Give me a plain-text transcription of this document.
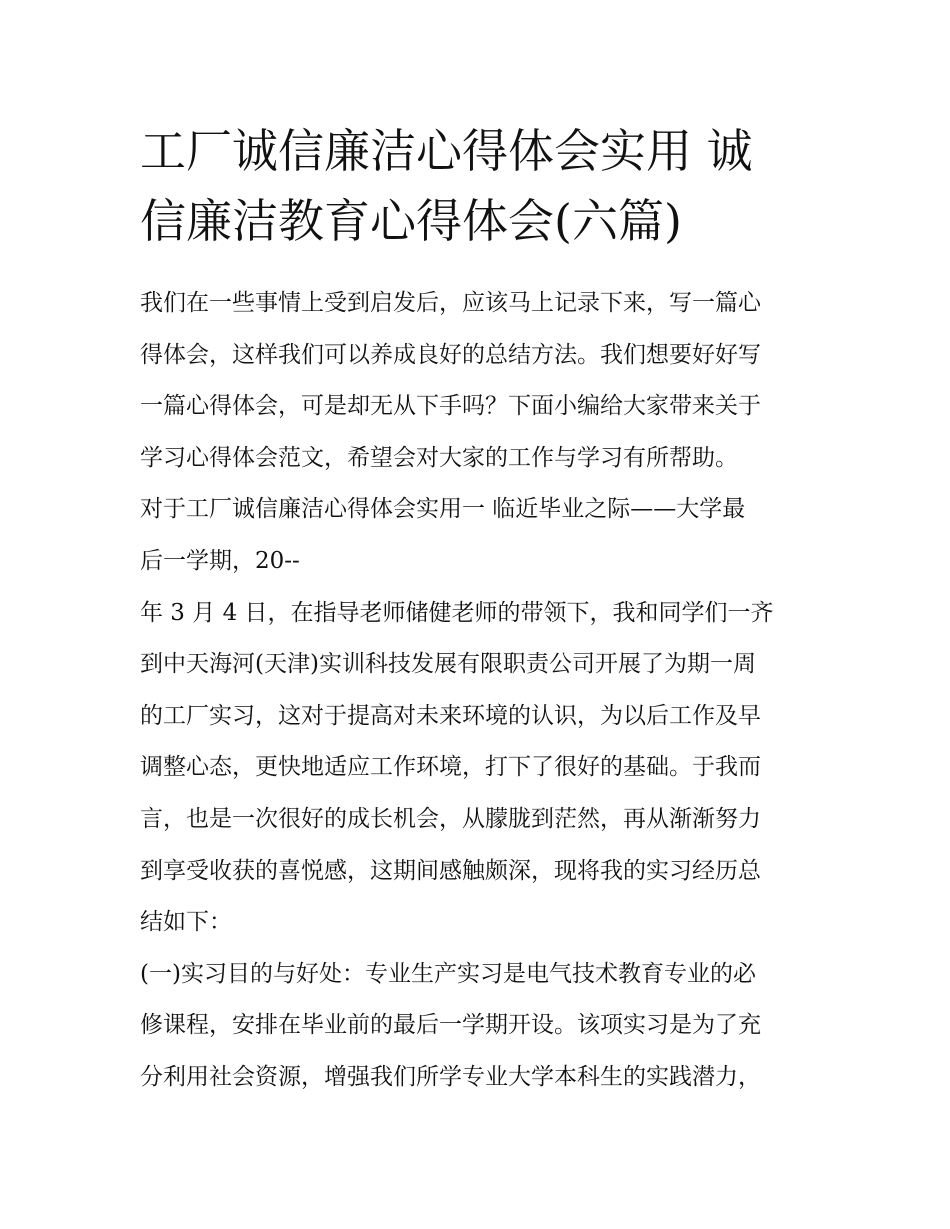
工厂诚信廉洁心得体会实用 诚
信廉洁教育心得体会(六篇)
我们在一些事情上受到启发后，应该马上记录下来，写一篇心
得体会，这样我们可以养成良好的总结方法。我们想要好好写
一篇心得体会，可是却无从下手吗？下面小编给大家带来关于
学习心得体会范文，希望会对大家的工作与学习有所帮助。
对于工厂诚信廉洁心得体会实用一 临近毕业之际——大学最
后一学期，20--
年 3 月 4 日，在指导老师储健老师的带领下，我和同学们一齐
到中天海河(天津)实训科技发展有限职责公司开展了为期一周
的工厂实习，这对于提高对未来环境的认识，为以后工作及早
调整心态，更快地适应工作环境，打下了很好的基础。于我而
言，也是一次很好的成长机会，从朦胧到茫然，再从渐渐努力
到享受收获的喜悦感，这期间感触颇深，现将我的实习经历总
结如下：
(一)实习目的与好处：专业生产实习是电气技术教育专业的必
修课程，安排在毕业前的最后一学期开设。该项实习是为了充
分利用社会资源，增强我们所学专业大学本科生的实践潜力，
